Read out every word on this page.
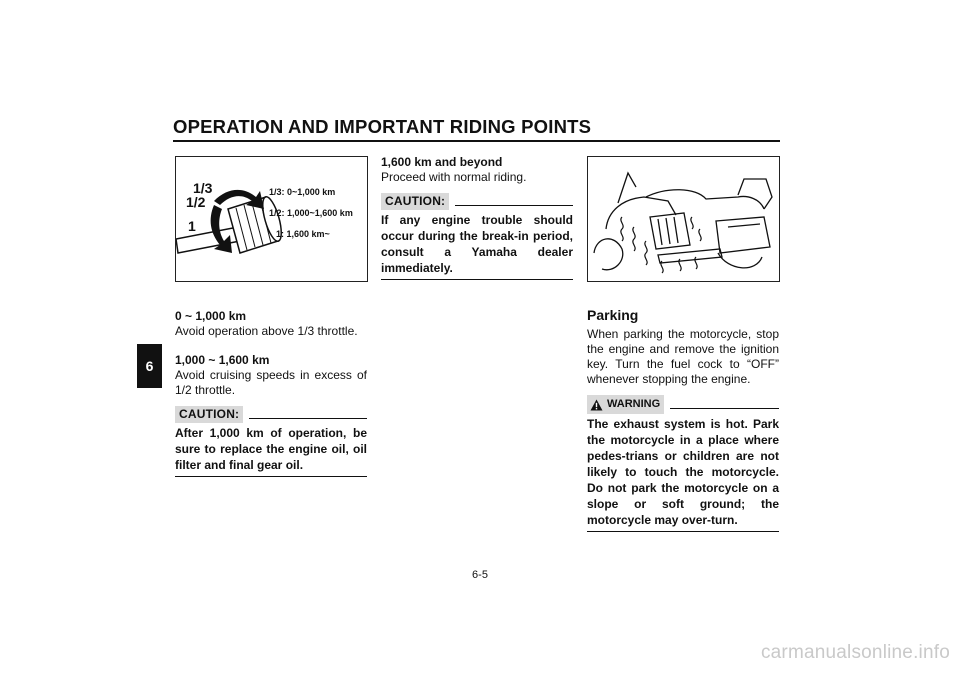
OPERATION AND IMPORTANT RIDING POINTS
6
1/3
1/2
1
1/3: 0~1,000 km
1/2: 1,000~1,600 km
1: 1,600 km~
0 ~ 1,000 km
Avoid operation above 1/3 throttle.
1,000 ~ 1,600 km
Avoid cruising speeds in excess of 1/2 throttle.
CAUTION:
After 1,000 km of operation, be sure to replace the engine oil, oil filter and final gear oil.
1,600 km and beyond
Proceed with normal riding.
CAUTION:
If any engine trouble should occur during the break-in period, consult a Yamaha dealer immediately.
Parking
When parking the motorcycle, stop the engine and remove the ignition key. Turn the fuel cock to “OFF” whenever stopping the engine.
WARNING
The exhaust system is hot. Park the motorcycle in a place where pedes-trians or children are not likely to touch the motorcycle. Do not park the motorcycle on a slope or soft ground; the motorcycle may over-turn.
6-5
carmanualsonline.info
